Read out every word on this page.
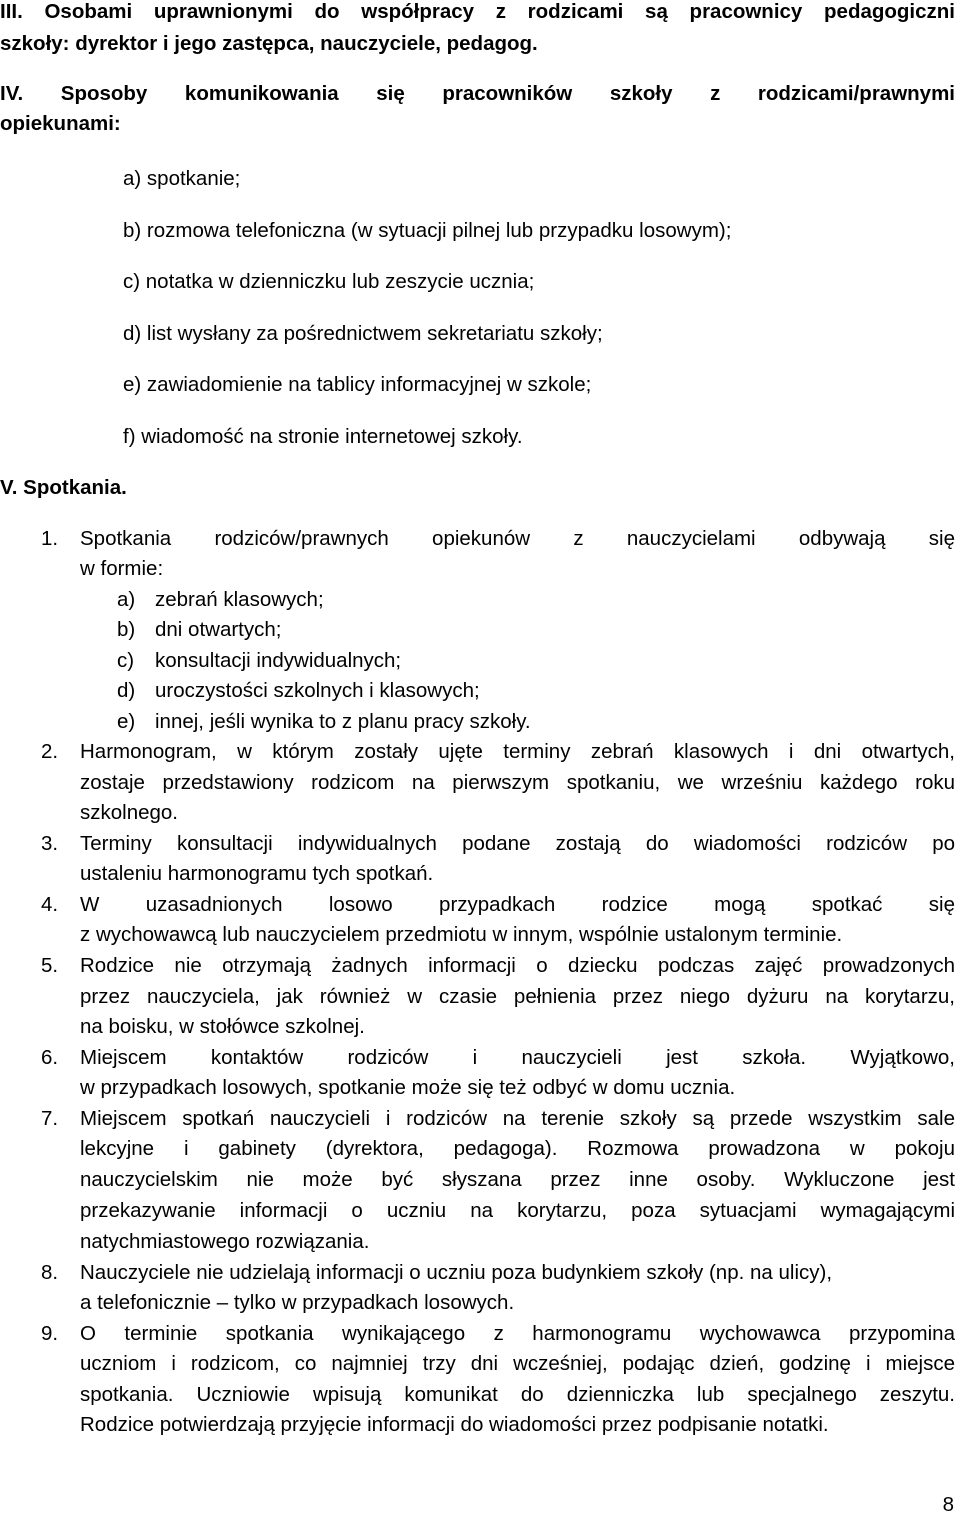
III. Osobami uprawnionymi do współpracy z rodzicami są pracownicy pedagogiczni
szkoły: dyrektor i jego zastępca, nauczyciele, pedagog.
IV. Sposoby komunikowania się pracowników szkoły z rodzicami/prawnymi
opiekunami:
a) spotkanie;
b) rozmowa telefoniczna (w sytuacji pilnej lub przypadku losowym);
c) notatka w dzienniczku lub zeszycie ucznia;
d) list wysłany za pośrednictwem sekretariatu szkoły;
e) zawiadomienie na tablicy informacyjnej w szkole;
f) wiadomość na stronie internetowej szkoły.
V. Spotkania.
1. Spotkania rodziców/prawnych opiekunów z nauczycielami odbywają się
w formie:
a) zebrań klasowych;
b) dni otwartych;
c) konsultacji indywidualnych;
d) uroczystości szkolnych i klasowych;
e) innej, jeśli wynika to z planu pracy szkoły.
2. Harmonogram, w którym zostały ujęte terminy zebrań klasowych i dni otwartych,
zostaje przedstawiony rodzicom na pierwszym spotkaniu, we wrześniu każdego roku
szkolnego.
3. Terminy konsultacji indywidualnych podane zostają do wiadomości rodziców po
ustaleniu harmonogramu tych spotkań.
4. W uzasadnionych losowo przypadkach rodzice mogą spotkać się
z wychowawcą lub nauczycielem przedmiotu w innym, wspólnie ustalonym terminie.
5. Rodzice nie otrzymają żadnych informacji o dziecku podczas zajęć prowadzonych
przez nauczyciela, jak również w czasie pełnienia przez niego dyżuru na korytarzu,
na boisku, w stołówce szkolnej.
6. Miejscem kontaktów rodziców i nauczycieli jest szkoła. Wyjątkowo,
w przypadkach losowych, spotkanie może się też odbyć w domu ucznia.
7. Miejscem spotkań nauczycieli i rodziców na terenie szkoły są przede wszystkim sale
lekcyjne i gabinety (dyrektora, pedagoga). Rozmowa prowadzona w pokoju
nauczycielskim nie może być słyszana przez inne osoby. Wykluczone jest
przekazywanie informacji o uczniu na korytarzu, poza sytuacjami wymagającymi
natychmiastowego rozwiązania.
8. Nauczyciele nie udzielają informacji o uczniu poza budynkiem szkoły (np. na ulicy),
a telefonicznie – tylko w przypadkach losowych.
9. O terminie spotkania wynikającego z harmonogramu wychowawca przypomina
uczniom i rodzicom, co najmniej trzy dni wcześniej, podając dzień, godzinę i miejsce
spotkania. Uczniowie wpisują komunikat do dzienniczka lub specjalnego zeszytu.
Rodzice potwierdzają przyjęcie informacji do wiadomości przez podpisanie notatki.
8
